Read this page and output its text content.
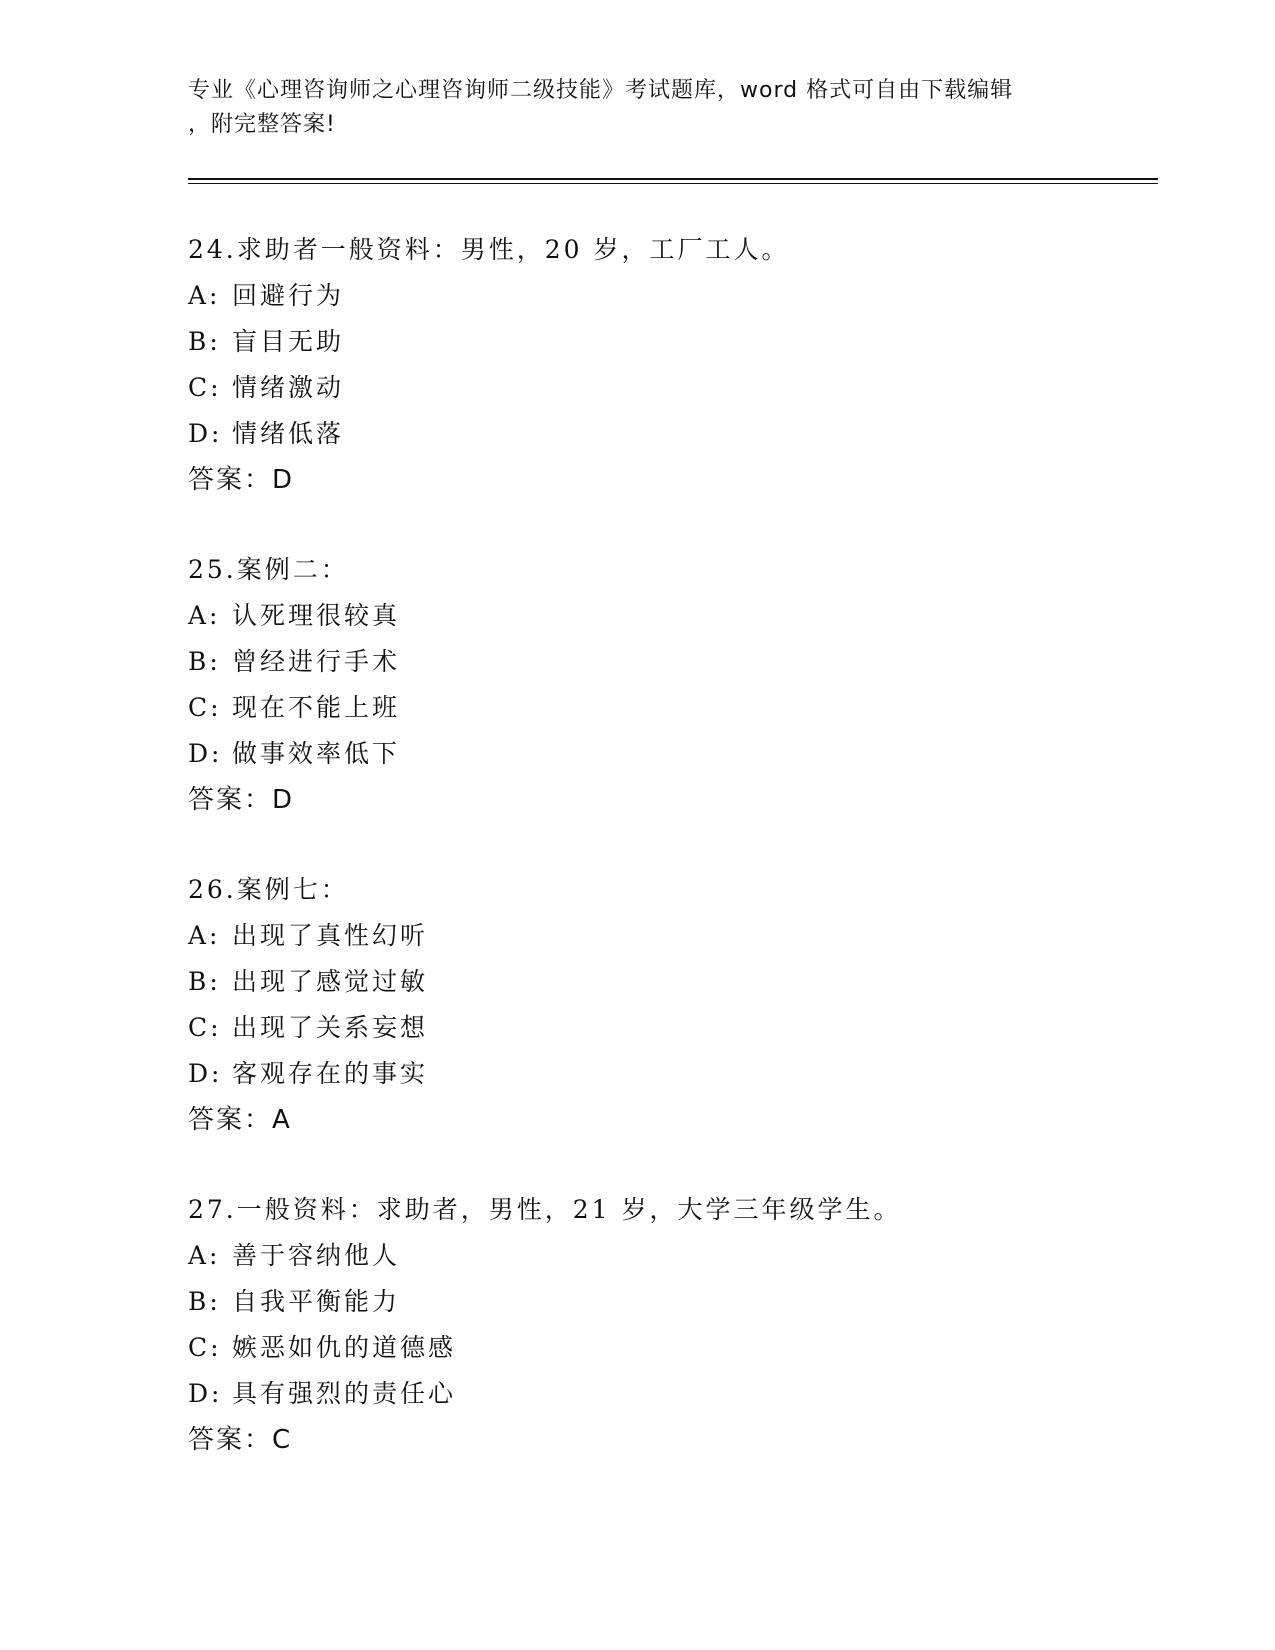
专业《心理咨询师之心理咨询师二级技能》考试题库，word 格式可自由下载编辑
，附完整答案!
24.求助者一般资料：男性，20 岁，工厂工人。
A: 回避行为
B: 盲目无助
C: 情绪激动
D: 情绪低落
答案：D
25.案例二：
A: 认死理很较真
B: 曾经进行手术
C: 现在不能上班
D: 做事效率低下
答案：D
26.案例七：
A: 出现了真性幻听
B: 出现了感觉过敏
C: 出现了关系妄想
D: 客观存在的事实
答案：A
27.一般资料：求助者，男性，21 岁，大学三年级学生。
A: 善于容纳他人
B: 自我平衡能力
C: 嫉恶如仇的道德感
D: 具有强烈的责任心
答案：C
